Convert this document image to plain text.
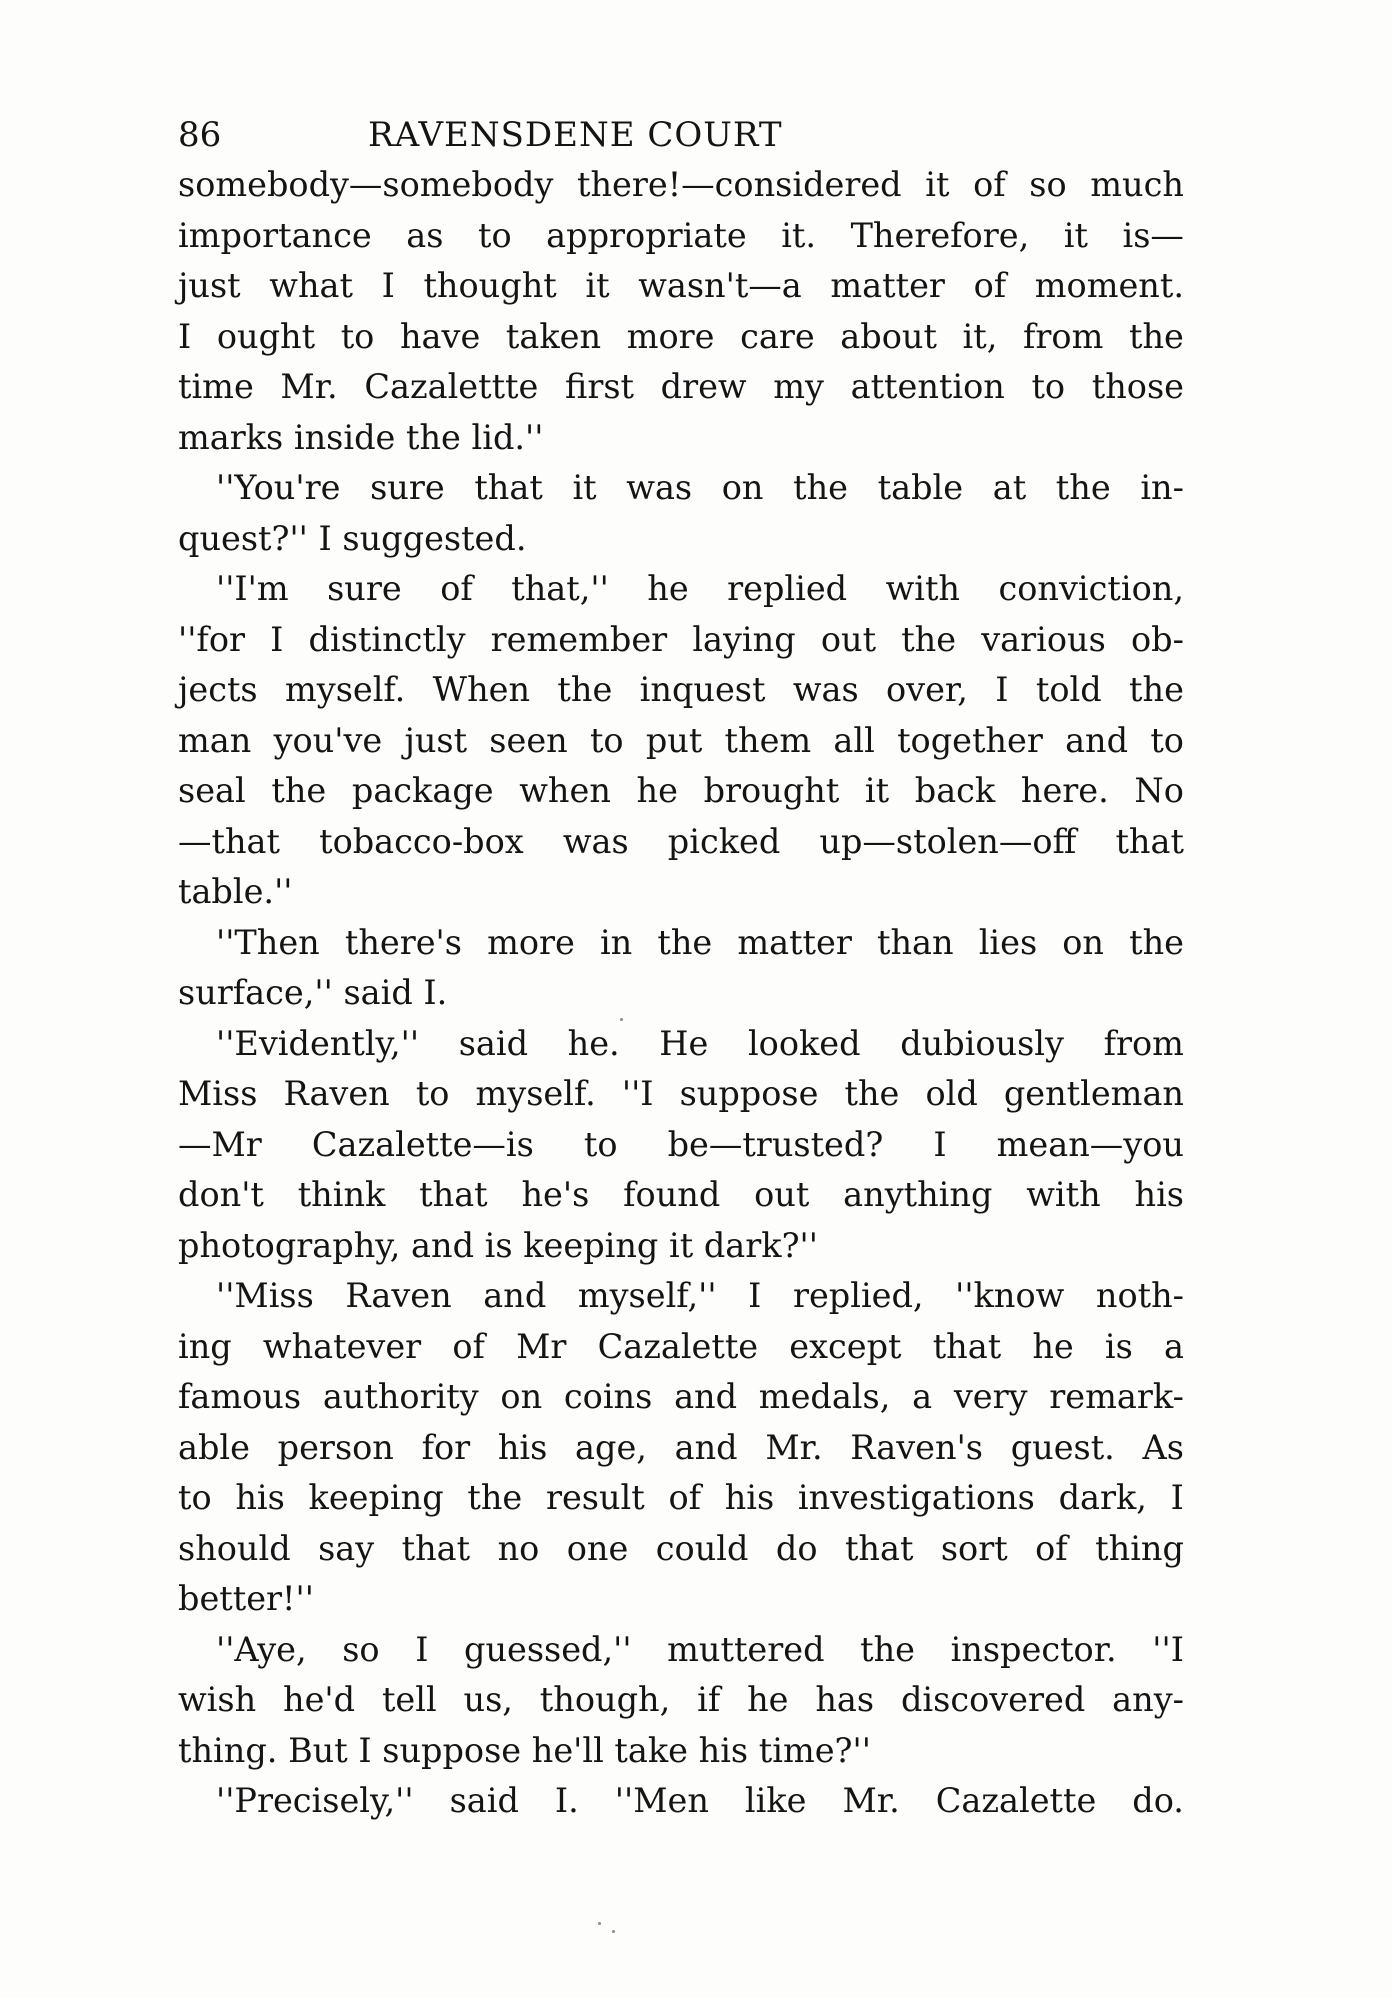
86	RAVENSDENE COURT
somebody—somebody there!—considered it of so much
importance as to appropriate it. Therefore, it is—
just what I thought it wasn't—a matter of moment.
I ought to have taken more care about it, from the
time Mr. Cazalettte first drew my attention to those
marks inside the lid.''
''You're sure that it was on the table at the in-
quest?'' I suggested.
''I'm sure of that,'' he replied with conviction,
''for I distinctly remember laying out the various ob-
jects myself. When the inquest was over, I told the
man you've just seen to put them all together and to
seal the package when he brought it back here. No
—that tobacco-box was picked up—stolen—off that
table.''
''Then there's more in the matter than lies on the
surface,'' said I.
''Evidently,'' said he. He looked dubiously from
Miss Raven to myself. ''I suppose the old gentleman
—Mr Cazalette—is to be—trusted? I mean—you
don't think that he's found out anything with his
photography, and is keeping it dark?''
''Miss Raven and myself,'' I replied, ''know noth-
ing whatever of Mr Cazalette except that he is a
famous authority on coins and medals, a very remark-
able person for his age, and Mr. Raven's guest. As
to his keeping the result of his investigations dark, I
should say that no one could do that sort of thing
better!''
''Aye, so I guessed,'' muttered the inspector. ''I
wish he'd tell us, though, if he has discovered any-
thing. But I suppose he'll take his time?''
''Precisely,'' said I. ''Men like Mr. Cazalette do.
